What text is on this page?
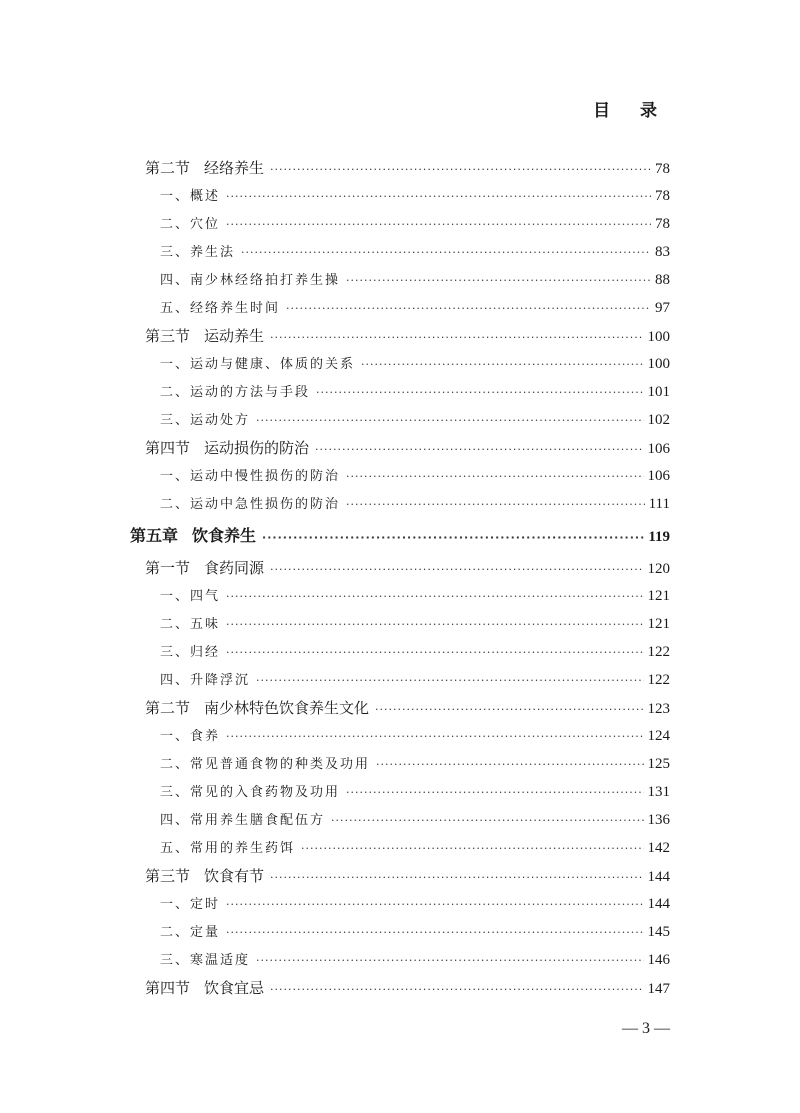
目 录
第二节 经络养生 ·····	78
一、概述 ·····	78
二、穴位 ·····	78
三、养生法 ·····	83
四、南少林经络拍打养生操 ·····	88
五、经络养生时间 ·····	97
第三节 运动养生 ·····	100
一、运动与健康、体质的关系 ·····	100
二、运动的方法与手段 ·····	101
三、运动处方 ·····	102
第四节 运动损伤的防治 ·····	106
一、运动中慢性损伤的防治 ·····	106
二、运动中急性损伤的防治 ·····	111
第五章 饮食养生 ·····	119
第一节 食药同源 ·····	120
一、四气 ·····	121
二、五味 ·····	121
三、归经 ·····	122
四、升降浮沉 ·····	122
第二节 南少林特色饮食养生文化 ·····	123
一、食养 ·····	124
二、常见普通食物的种类及功用 ·····	125
三、常见的入食药物及功用 ·····	131
四、常用养生膳食配伍方 ·····	136
五、常用的养生药饵 ·····	142
第三节 饮食有节 ·····	144
一、定时 ·····	144
二、定量 ·····	145
三、寒温适度 ·····	146
第四节 饮食宜忌 ·····	147
— 3 —
